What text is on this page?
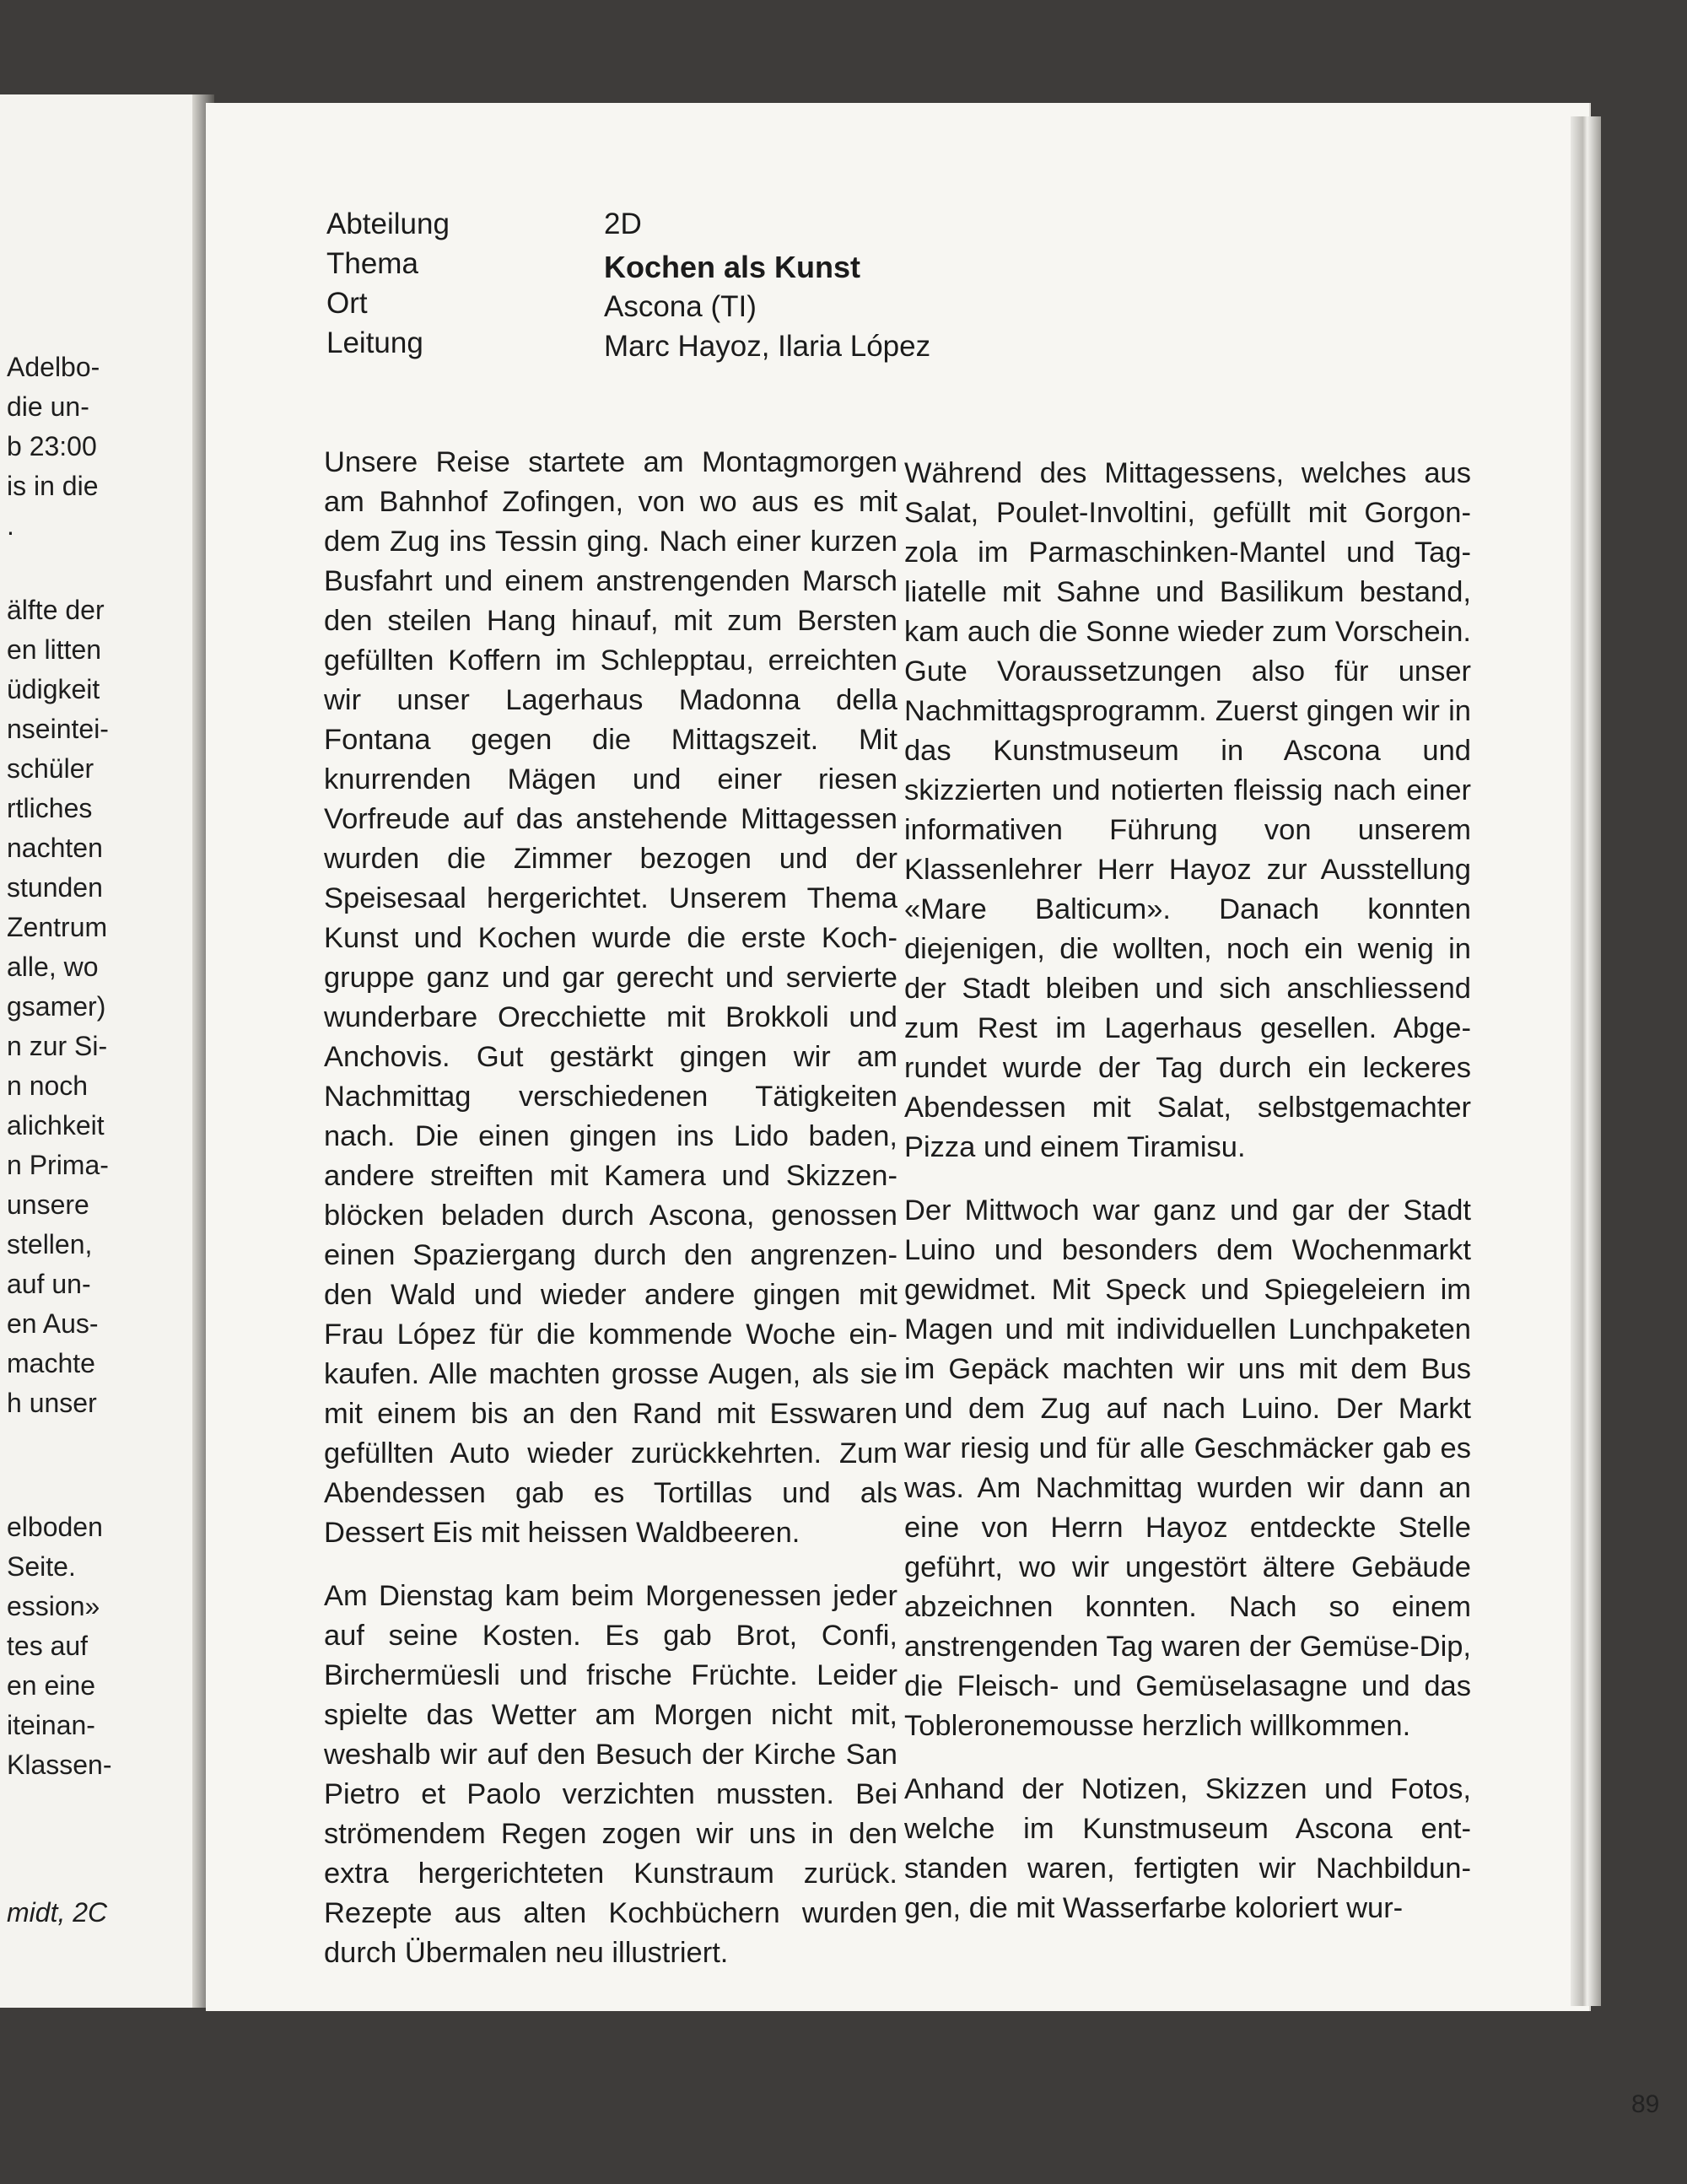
Adelbo-
die un-
b 23:00
is in die
.
älfte der
en litten
üdigkeit
nseintei-
schüler
rtliches
nachten
stunden
Zentrum
alle, wo
gsamer)
n zur Si-
n noch
alichkeit
n Prima-
unsere
stellen,
auf un-
en Aus-
machte
h unser
elboden
Seite.
ession»
tes auf
en eine
iteinan-
Klassen-
midt, 2C
Abteilung
Thema
Ort
Leitung
2D
Kochen als Kunst
Ascona (TI)
Marc Hayoz, Ilaria López

Unsere Reise startete am Montagmorgen am Bahnhof Zofingen, von wo aus es mit dem Zug ins Tessin ging. Nach einer kurzen Busfahrt und einem anstrengenden Marsch den steilen Hang hinauf, mit zum Bersten gefüllten Koffern im Schlepptau, erreichten wir unser Lagerhaus Madonna della Fontana gegen die Mittagszeit. Mit knurrenden Mägen und einer riesen Vorfreude auf das anstehende Mittagessen wurden die Zimmer bezogen und der Speisesaal hergerichtet. Unserem Thema Kunst und Kochen wurde die erste Kochgruppe ganz und gar gerecht und servierte wunderbare Orecchiette mit Brokkoli und Anchovis. Gut gestärkt gingen wir am Nachmittag verschiedenen Tätigkeiten nach. Die einen gingen ins Lido baden, andere streiften mit Kamera und Skizzenblöcken beladen durch Ascona, genossen einen Spaziergang durch den angrenzenden Wald und wieder andere gingen mit Frau López für die kommende Woche einkaufen. Alle machten grosse Augen, als sie mit einem bis an den Rand mit Esswaren gefüllten Auto wieder zurückkehrten. Zum Abendessen gab es Tortillas und als Dessert Eis mit heissen Waldbeeren.

Am Dienstag kam beim Morgenessen jeder auf seine Kosten. Es gab Brot, Confi, Birchermüesli und frische Früchte. Leider spielte das Wetter am Morgen nicht mit, weshalb wir auf den Besuch der Kirche San Pietro et Paolo verzichten mussten. Bei strömendem Regen zogen wir uns in den extra hergerichteten Kunstraum zurück. Rezepte aus alten Kochbüchern wurden durch Übermalen neu illustriert.

Während des Mittagessens, welches aus Salat, Poulet-Involtini, gefüllt mit Gorgonzola im Parmaschinken-Mantel und Tagliatelle mit Sahne und Basilikum bestand, kam auch die Sonne wieder zum Vorschein. Gute Voraussetzungen also für unser Nachmittagsprogramm. Zuerst gingen wir in das Kunstmuseum in Ascona und skizzierten und notierten fleissig nach einer informativen Führung von unserem Klassenlehrer Herr Hayoz zur Ausstellung «Mare Balticum». Danach konnten diejenigen, die wollten, noch ein wenig in der Stadt bleiben und sich anschliessend zum Rest im Lagerhaus gesellen. Abgerundet wurde der Tag durch ein leckeres Abendessen mit Salat, selbstgemachter Pizza und einem Tiramisu.

Der Mittwoch war ganz und gar der Stadt Luino und besonders dem Wochenmarkt gewidmet. Mit Speck und Spiegeleiern im Magen und mit individuellen Lunchpaketen im Gepäck machten wir uns mit dem Bus und dem Zug auf nach Luino. Der Markt war riesig und für alle Geschmäcker gab es was. Am Nachmittag wurden wir dann an eine von Herrn Hayoz entdeckte Stelle geführt, wo wir ungestört ältere Gebäude abzeichnen konnten. Nach so einem anstrengenden Tag waren der Gemüse-Dip, die Fleisch- und Gemüselasagne und das Tobleronemousse herzlich willkommen.

Anhand der Notizen, Skizzen und Fotos, welche im Kunstmuseum Ascona entstanden waren, fertigten wir Nachbildungen, die mit Wasserfarbe koloriert wur-

89
